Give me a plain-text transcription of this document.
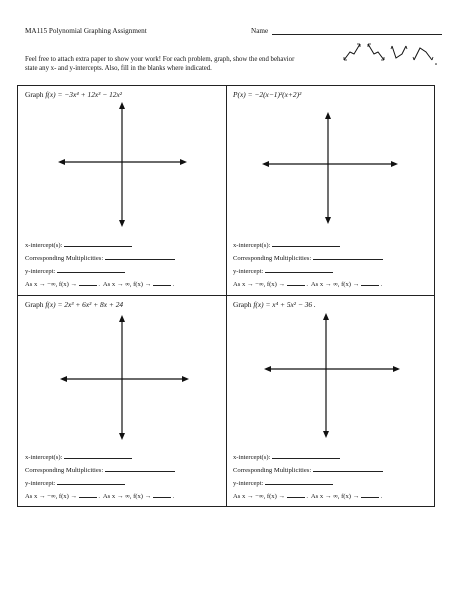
MA115 Polynomial Graphing Assignment	Name
Feel free to attach extra paper to show your work! For each problem, graph, show the end behavior
state any x- and y-intercepts. Also, fill in the blanks where indicated.
Graph f(x) = −3x⁴ + 12x³ − 12x²
x-intercept(s):
Corresponding Multiplicities:
y-intercept:
As x → −∞, f(x) →	.  As x → ∞, f(x) →	.
P(x) = −2(x−1)²(x+2)²
x-intercept(s):
Corresponding Multiplicities:
y-intercept:
As x → −∞, f(x) →	.  As x → ∞, f(x) →	.
Graph f(x) = 2x³ + 6x² + 8x + 24
x-intercept(s):
Corresponding Multiplicities:
y-intercept:
As x → −∞, f(x) →	.  As x → ∞, f(x) →	.
Graph f(x) = x⁴ + 5x² − 36 .
x-intercept(s):
Corresponding Multiplicities:
y-intercept:
As x → −∞, f(x) →	.  As x → ∞, f(x) →	.
